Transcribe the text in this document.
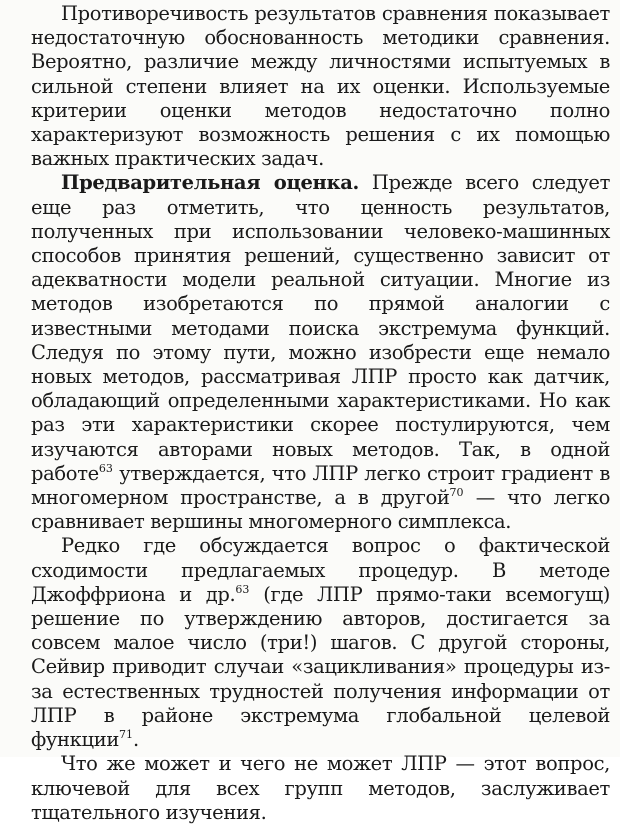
Противоречивость результатов сравнения показывает недостаточную обоснованность методики сравнения. Вероятно, различие между личностями испытуемых в сильной степени влияет на их оценки. Используемые критерии оценки методов недостаточно полно характеризуют возможность решения с их помощью важных практических задач.

Предварительная оценка. Прежде всего следует еще раз отметить, что ценность результатов, полученных при использовании человеко-машинных способов принятия решений, существенно зависит от адекватности модели реальной ситуации. Многие из методов изобретаются по прямой аналогии с известными методами поиска экстремума функций. Следуя по этому пути, можно изобрести еще немало новых методов, рассматривая ЛПР просто как датчик, обладающий определенными характеристиками. Но как раз эти характеристики скорее постулируются, чем изучаются авторами новых методов. Так, в одной работе$^{63}$ утверждается, что ЛПР легко строит градиент в многомерном пространстве, а в другой$^{70}$ — что легко сравнивает вершины многомерного симплекса.

Редко где обсуждается вопрос о фактической сходимости предлагаемых процедур. В методе Джоффриона и др.$^{63}$ (где ЛПР прямо-таки всемогущ) решение по утверждению авторов, достигается за совсем малое число (три!) шагов. С другой стороны, Сейвир приводит случаи «зацикливания» процедуры из-за естественных трудностей получения информации от ЛПР в районе экстремума глобальной целевой функции$^{71}$.

Что же может и чего не может ЛПР — этот вопрос, ключевой для всех групп методов, заслуживает тщательного изучения.
